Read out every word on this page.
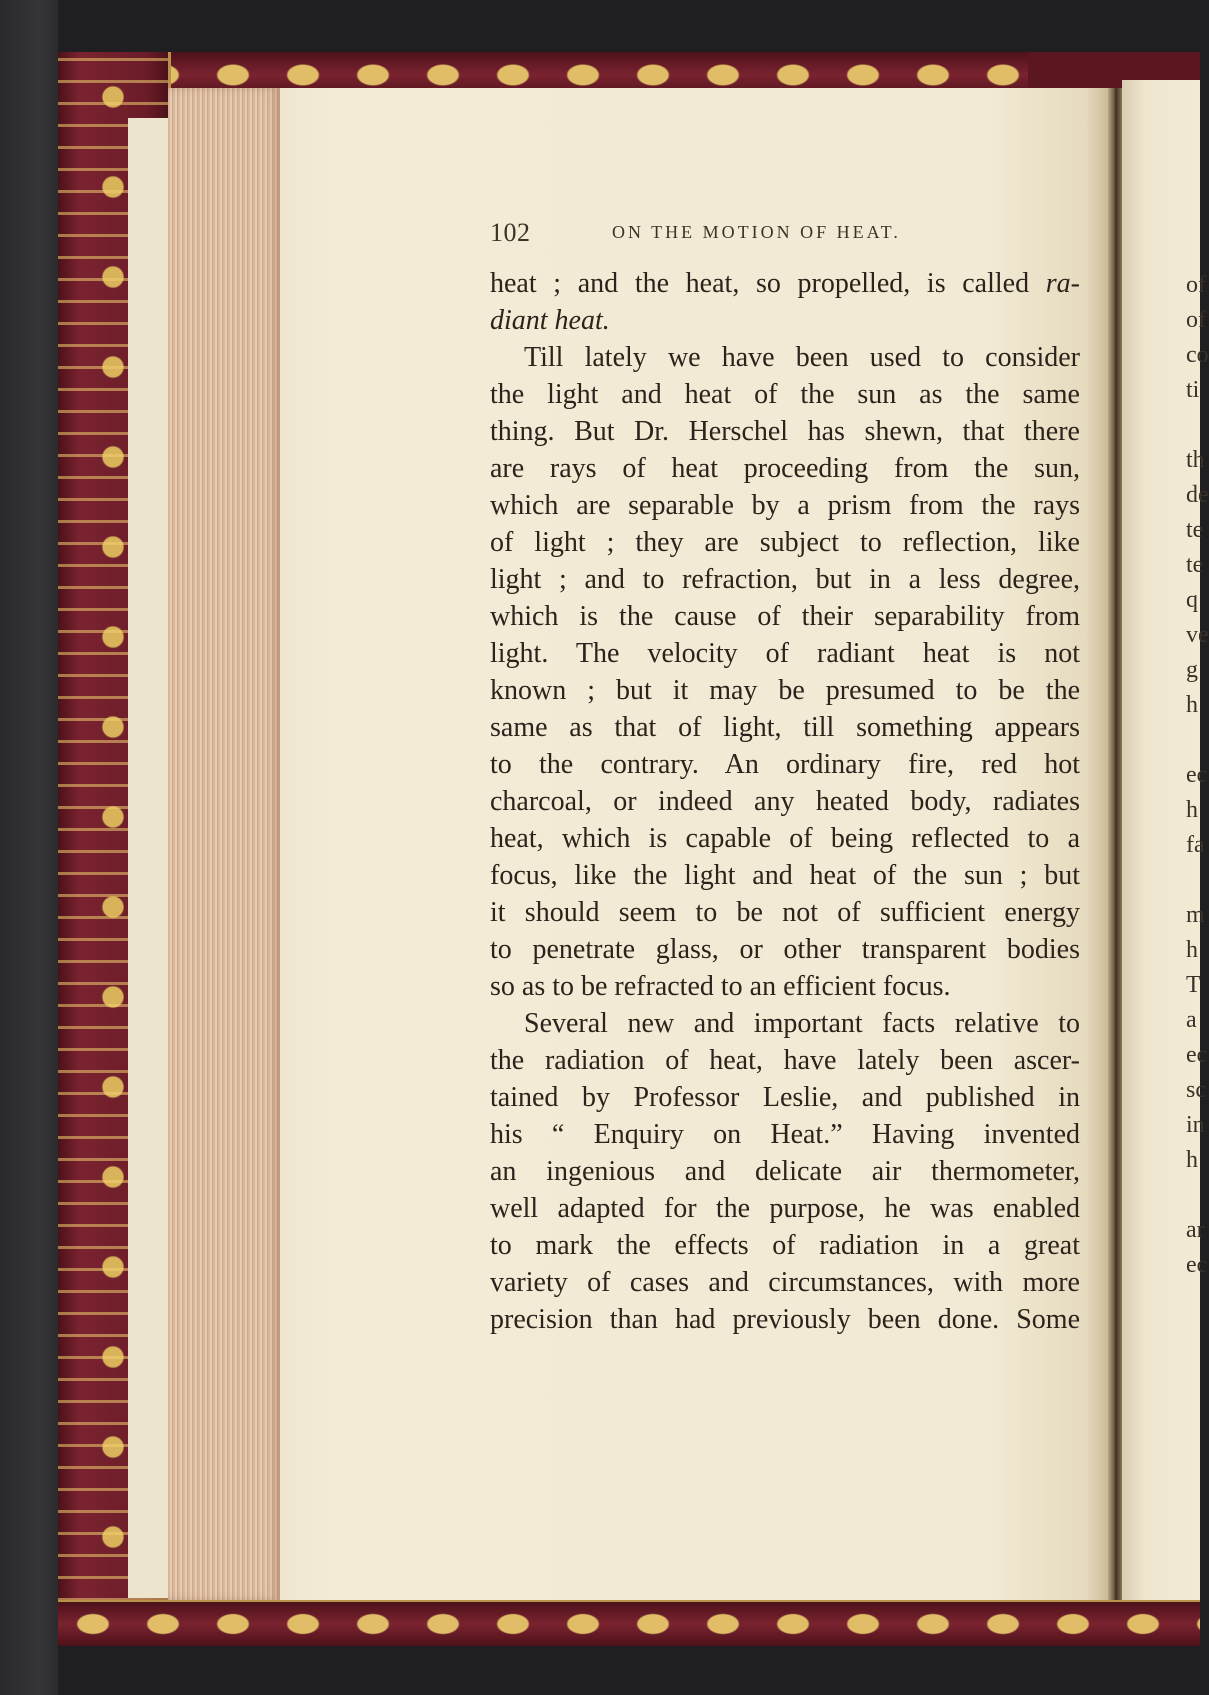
of
of
co
ti
th
de
te
te
q
ve
g
h
ec
h
fa
m
h
T
a
ec
sc
in
h
ar
ec
102	ON THE MOTION OF HEAT.
heat ; and the heat, so propelled, is called ra-
diant heat.
Till lately we have been used to consider
the light and heat of the sun as the same
thing. But Dr. Herschel has shewn, that there
are rays of heat proceeding from the sun,
which are separable by a prism from the rays
of light ; they are subject to reflection, like
light ; and to refraction, but in a less degree,
which is the cause of their separability from
light. The velocity of radiant heat is not
known ; but it may be presumed to be the
same as that of light, till something appears
to the contrary. An ordinary fire, red hot
charcoal, or indeed any heated body, radiates
heat, which is capable of being reflected to a
focus, like the light and heat of the sun ; but
it should seem to be not of sufficient energy
to penetrate glass, or other transparent bodies
so as to be refracted to an efficient focus.
Several new and important facts relative to
the radiation of heat, have lately been ascer-
tained by Professor Leslie, and published in
his “ Enquiry on Heat.” Having invented
an ingenious and delicate air thermometer,
well adapted for the purpose, he was enabled
to mark the effects of radiation in a great
variety of cases and circumstances, with more
precision than had previously been done. Some
